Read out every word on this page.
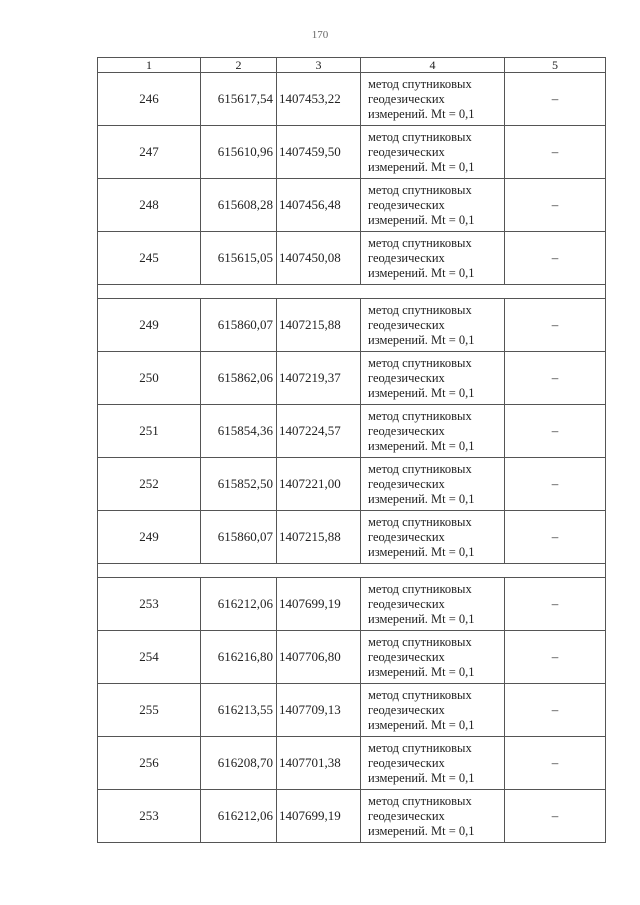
170
1	2	3	4	5
246	615617,54	1407453,22	метод спутниковых
геодезических
измерений. Mt = 0,1	–
247	615610,96	1407459,50	метод спутниковых
геодезических
измерений. Mt = 0,1	–
248	615608,28	1407456,48	метод спутниковых
геодезических
измерений. Mt = 0,1	–
245	615615,05	1407450,08	метод спутниковых
геодезических
измерений. Mt = 0,1	–

249	615860,07	1407215,88	метод спутниковых
геодезических
измерений. Mt = 0,1	–
250	615862,06	1407219,37	метод спутниковых
геодезических
измерений. Mt = 0,1	–
251	615854,36	1407224,57	метод спутниковых
геодезических
измерений. Mt = 0,1	–
252	615852,50	1407221,00	метод спутниковых
геодезических
измерений. Mt = 0,1	–
249	615860,07	1407215,88	метод спутниковых
геодезических
измерений. Mt = 0,1	–

253	616212,06	1407699,19	метод спутниковых
геодезических
измерений. Mt = 0,1	–
254	616216,80	1407706,80	метод спутниковых
геодезических
измерений. Mt = 0,1	–
255	616213,55	1407709,13	метод спутниковых
геодезических
измерений. Mt = 0,1	–
256	616208,70	1407701,38	метод спутниковых
геодезических
измерений. Mt = 0,1	–
253	616212,06	1407699,19	метод спутниковых
геодезических
измерений. Mt = 0,1	–
